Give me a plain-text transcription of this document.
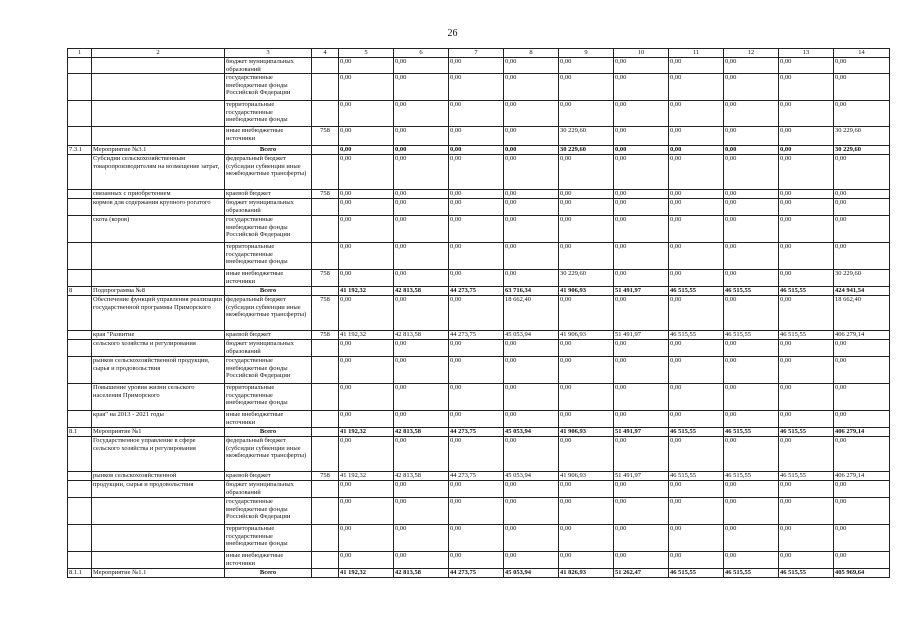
26
1	2	3	4	5	6	7	8	9	10	11	12	13	14
		бюджет муниципальных образований		0,00	0,00	0,00	0,00	0,00	0,00	0,00	0,00	0,00	0,00
		государственные внебюджетные фонды Российской Федерации		0,00	0,00	0,00	0,00	0,00	0,00	0,00	0,00	0,00	0,00
		территориальные государственные внебюджетные фонды		0,00	0,00	0,00	0,00	0,00	0,00	0,00	0,00	0,00	0,00
		иные внебюджетные источники	758	0,00	0,00	0,00	0,00	30 229,60	0,00	0,00	0,00	0,00	30 229,60
7.3.1	Мероприятие №3.1	Всего		0,00	0,00	0,00	0,00	30 229,60	0,00	0,00	0,00	0,00	30 229,60
	Субсидии сельскохозяйственным товаропроизводителям на возмещение затрат,	федеральный бюджет (субсидии субвенции иные межбюджетные трансферты)		0,00	0,00	0,00	0,00	0,00	0,00	0,00	0,00	0,00	0,00
	связанных с приобретением	краевой бюджет	758	0,00	0,00	0,00	0,00	0,00	0,00	0,00	0,00	0,00	0,00
	кормов для содержания крупного рогатого	бюджет муниципальных образований		0,00	0,00	0,00	0,00	0,00	0,00	0,00	0,00	0,00	0,00
	скота (коров)	государственные внебюджетные фонды Российской Федерации		0,00	0,00	0,00	0,00	0,00	0,00	0,00	0,00	0,00	0,00
		территориальные государственные внебюджетные фонды		0,00	0,00	0,00	0,00	0,00	0,00	0,00	0,00	0,00	0,00
		иные внебюджетные источники	758	0,00	0,00	0,00	0,00	30 229,60	0,00	0,00	0,00	0,00	30 229,60
8	Подпрограмма №8	Всего		41 192,32	42 813,58	44 273,75	63 716,34	41 906,93	51 491,97	46 515,55	46 515,55	46 515,55	424 941,54
	Обеспечение функций управления реализации государственной программы Приморского	федеральный бюджет (субсидии субвенции иные межбюджетные трансферты)	758	0,00	0,00	0,00	18 662,40	0,00	0,00	0,00	0,00	0,00	18 662,40
	края "Развитие	краевой бюджет	758	41 192,32	42 813,58	44 273,75	45 053,94	41 906,93	51 491,97	46 515,55	46 515,55	46 515,55	406 279,14
	сельского хозяйства и регулирования	бюджет муниципальных образований		0,00	0,00	0,00	0,00	0,00	0,00	0,00	0,00	0,00	0,00
	рынков сельскохозяйственной продукции, сырья и продовольствия	государственные внебюджетные фонды Российской Федерации		0,00	0,00	0,00	0,00	0,00	0,00	0,00	0,00	0,00	0,00
	Повышение уровня жизни сельского населения Приморского	территориальные государственные внебюджетные фонды		0,00	0,00	0,00	0,00	0,00	0,00	0,00	0,00	0,00	0,00
	края" на 2013 - 2021 годы	иные внебюджетные источники		0,00	0,00	0,00	0,00	0,00	0,00	0,00	0,00	0,00	0,00
8.1	Мероприятие №1	Всего		41 192,32	42 813,58	44 273,75	45 053,94	41 906,93	51 491,97	46 515,55	46 515,55	46 515,55	406 279,14
	Государственное управление в сфере сельского хозяйства и регулирования	федеральный бюджет (субсидии субвенции иные межбюджетные трансферты)		0,00	0,00	0,00	0,00	0,00	0,00	0,00	0,00	0,00	0,00
	рынков сельскохозяйственной	краевой бюджет	758	41 192,32	42 813,58	44 273,75	45 053,94	41 906,93	51 491,97	46 515,55	46 515,55	46 515,55	406 279,14
	продукции, сырья и продовольствия	бюджет муниципальных образований		0,00	0,00	0,00	0,00	0,00	0,00	0,00	0,00	0,00	0,00
		государственные внебюджетные фонды Российской Федерации		0,00	0,00	0,00	0,00	0,00	0,00	0,00	0,00	0,00	0,00
		территориальные государственные внебюджетные фонды		0,00	0,00	0,00	0,00	0,00	0,00	0,00	0,00	0,00	0,00
		иные внебюджетные источники		0,00	0,00	0,00	0,00	0,00	0,00	0,00	0,00	0,00	0,00
8.1.1	Мероприятие №1.1	Всего		41 192,32	42 813,58	44 273,75	45 053,94	41 826,93	51 262,47	46 515,55	46 515,55	46 515,55	405 969,64
